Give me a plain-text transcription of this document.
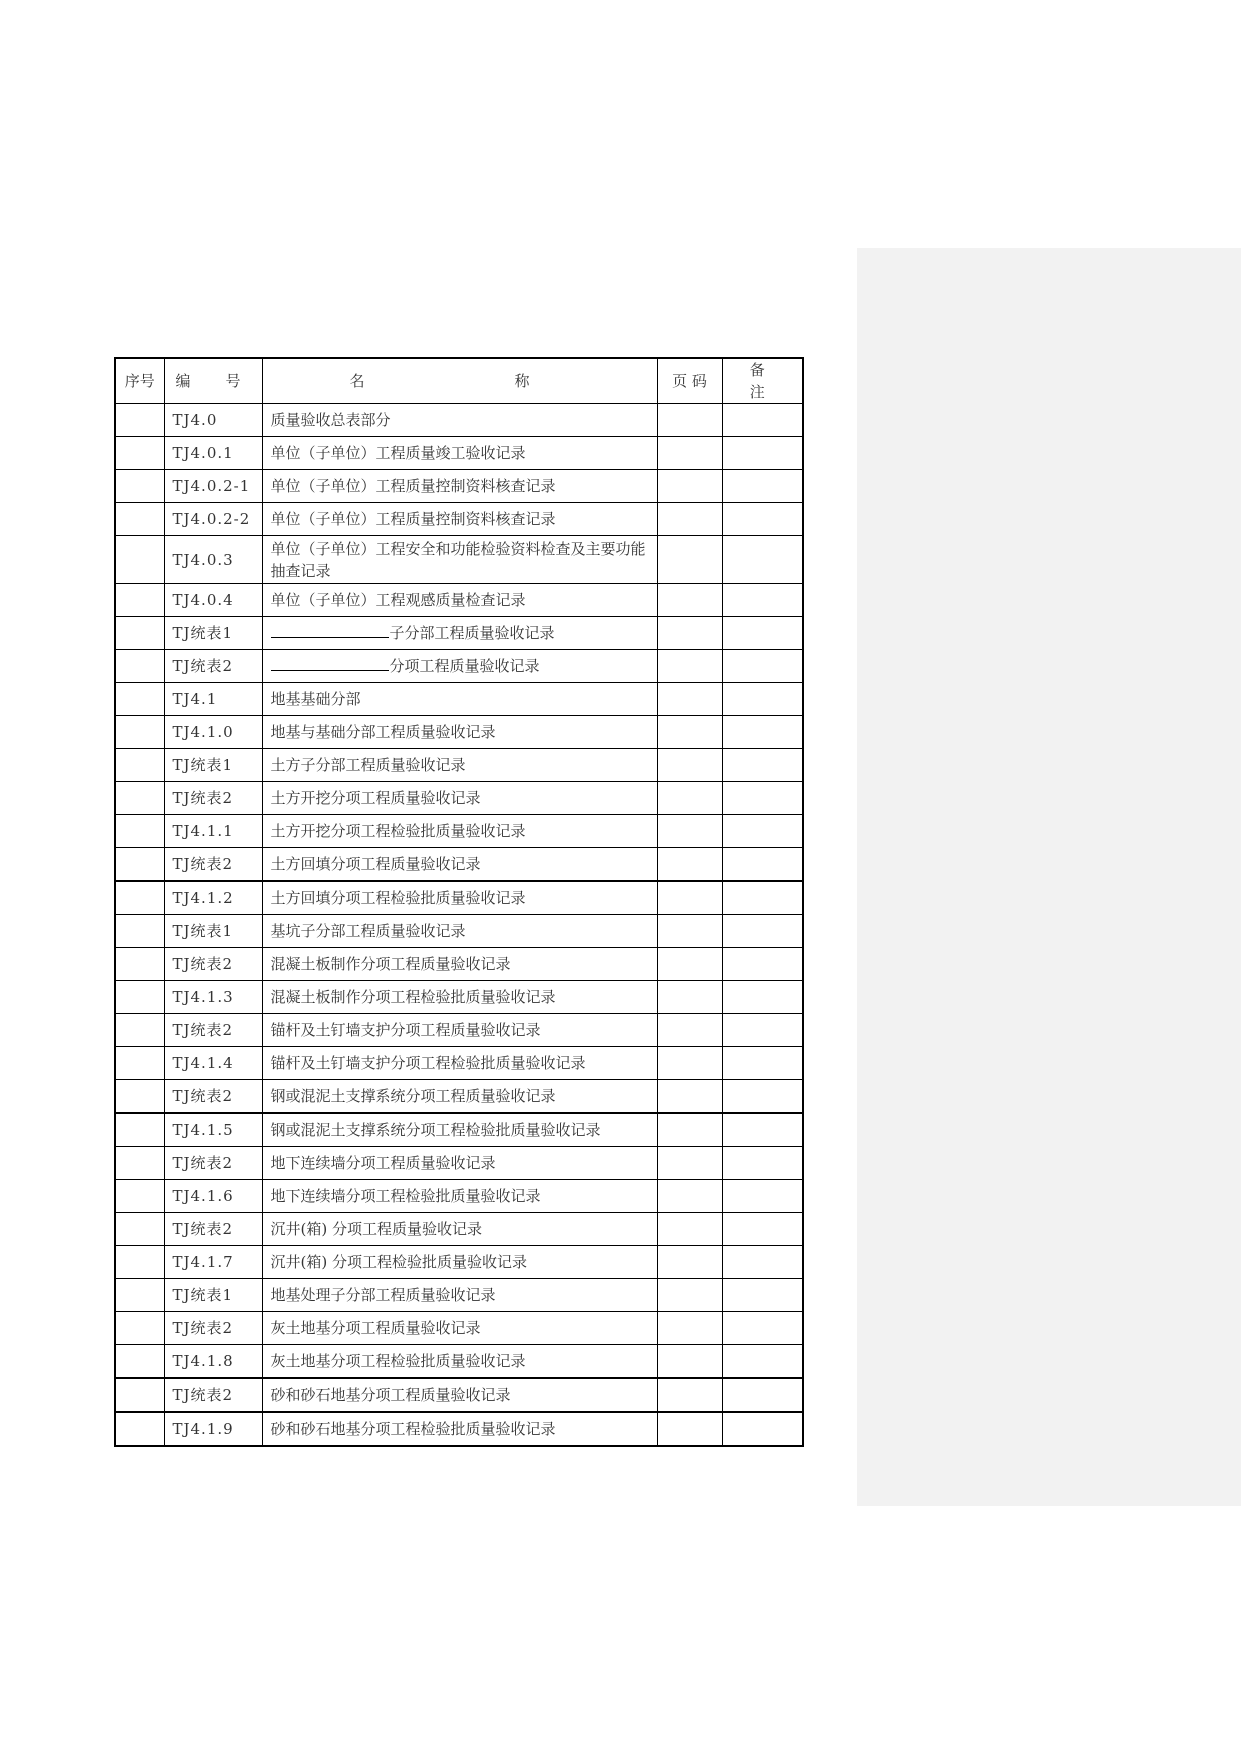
序号	编　号	名　　称	页 码	备　注
	TJ4.0	质量验收总表部分		
	TJ4.0.1	单位（子单位）工程质量竣工验收记录		
	TJ4.0.2-1	单位（子单位）工程质量控制资料核查记录		
	TJ4.0.2-2	单位（子单位）工程质量控制资料核查记录		
	TJ4.0.3	单位（子单位）工程安全和功能检验资料检查及主要功能抽查记录		
	TJ4.0.4	单位（子单位）工程观感质量检查记录		
	TJ统表1	子分部工程质量验收记录		
	TJ统表2	分项工程质量验收记录		
	TJ4.1	地基基础分部		
	TJ4.1.0	地基与基础分部工程质量验收记录		
	TJ统表1	土方子分部工程质量验收记录		
	TJ统表2	土方开挖分项工程质量验收记录		
	TJ4.1.1	土方开挖分项工程检验批质量验收记录		
	TJ统表2	土方回填分项工程质量验收记录		
	TJ4.1.2	土方回填分项工程检验批质量验收记录		
	TJ统表1	基坑子分部工程质量验收记录		
	TJ统表2	混凝土板制作分项工程质量验收记录		
	TJ4.1.3	混凝土板制作分项工程检验批质量验收记录		
	TJ统表2	锚杆及土钉墙支护分项工程质量验收记录		
	TJ4.1.4	锚杆及土钉墙支护分项工程检验批质量验收记录		
	TJ统表2	钢或混泥土支撑系统分项工程质量验收记录		
	TJ4.1.5	钢或混泥土支撑系统分项工程检验批质量验收记录		
	TJ统表2	地下连续墙分项工程质量验收记录		
	TJ4.1.6	地下连续墙分项工程检验批质量验收记录		
	TJ统表2	沉井(箱) 分项工程质量验收记录		
	TJ4.1.7	沉井(箱) 分项工程检验批质量验收记录		
	TJ统表1	地基处理子分部工程质量验收记录		
	TJ统表2	灰土地基分项工程质量验收记录		
	TJ4.1.8	灰土地基分项工程检验批质量验收记录		
	TJ统表2	砂和砂石地基分项工程质量验收记录		
	TJ4.1.9	砂和砂石地基分项工程检验批质量验收记录		
